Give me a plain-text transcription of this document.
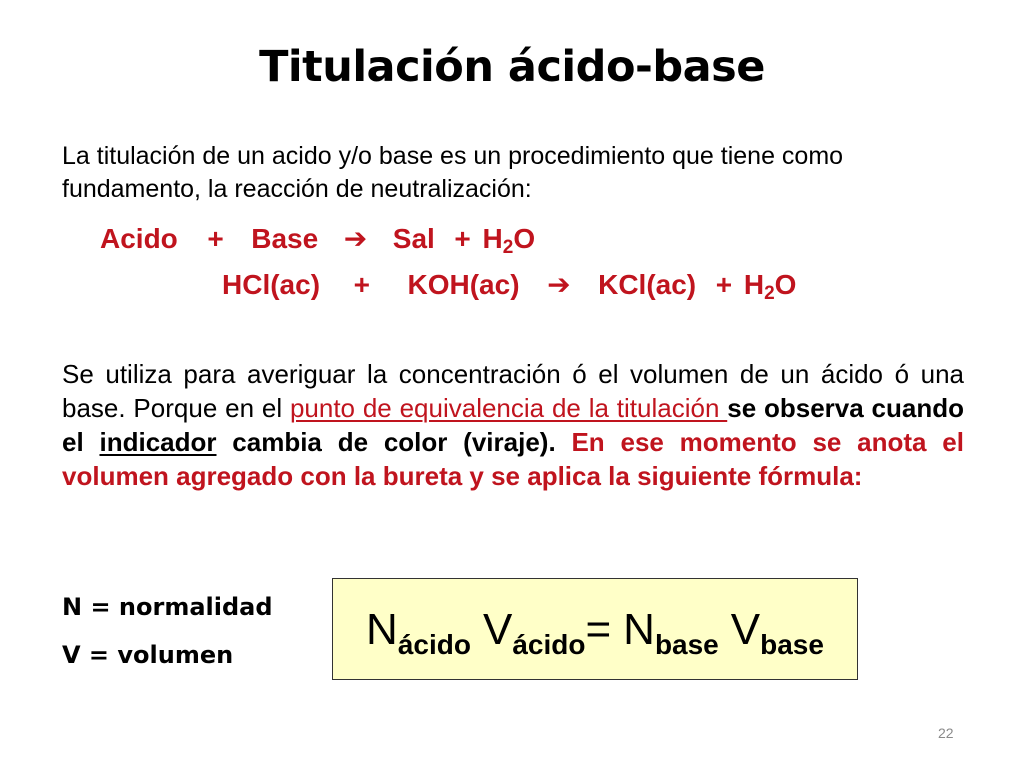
Titulación ácido-base
La titulación de un acido y/o base es un procedimiento que tiene como fundamento, la reacción de neutralización:
Acido + Base ➔ Sal + $H_2O$
HCl(ac) + KOH(ac) ➔ $KCl(ac) + H_2O$
Se utiliza para averiguar la concentración ó el volumen de un ácido ó una base. Porque en el punto de equivalencia de la titulación se observa cuando el indicador cambia de color (viraje). En ese momento se anota el volumen agregado con la bureta y se aplica la siguiente fórmula:
N = normalidad
V = volumen
$N_{ácido}$ $V_{ácido}= N_{base}$ $V_{base}$
22
